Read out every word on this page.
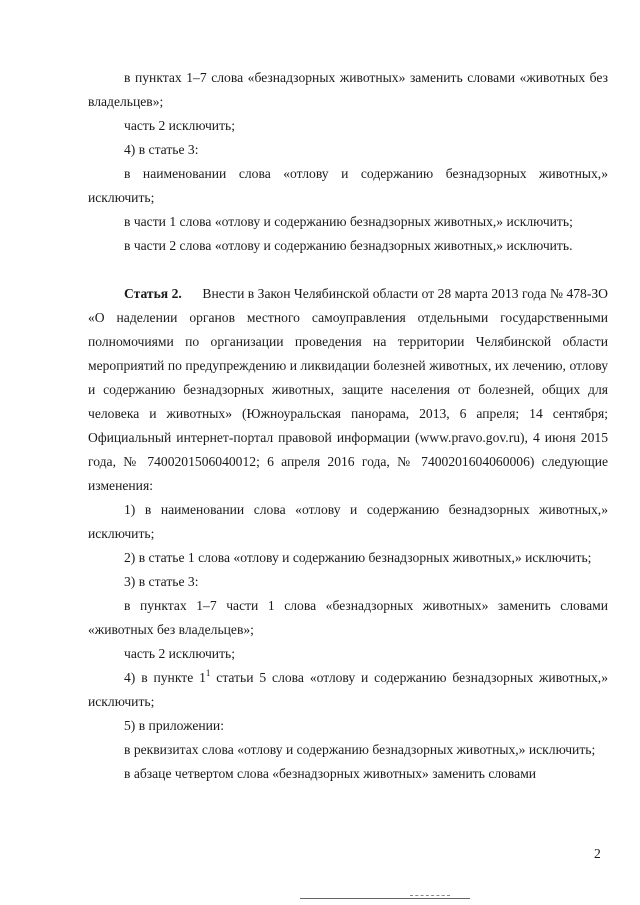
в пунктах 1–7 слова «безнадзорных животных» заменить словами «животных без владельцев»;

часть 2 исключить;

4) в статье 3:

в наименовании слова «отлову и содержанию безнадзорных животных,» исключить;

в части 1 слова «отлову и содержанию безнадзорных животных,» исключить;

в части 2 слова «отлову и содержанию безнадзорных животных,» исключить.

Статья 2. Внести в Закон Челябинской области от 28 марта 2013 года № 478-ЗО «О наделении органов местного самоуправления отдельными государственными полномочиями по организации проведения на территории Челябинской области мероприятий по предупреждению и ликвидации болезней животных, их лечению, отлову и содержанию безнадзорных животных, защите населения от болезней, общих для человека и животных» (Южноуральская панорама, 2013, 6 апреля; 14 сентября; Официальный интернет-портал правовой информации (www.pravo.gov.ru), 4 июня 2015 года, № 7400201506040012; 6 апреля 2016 года, № 7400201604060006) следующие изменения:

1) в наименовании слова «отлову и содержанию безнадзорных животных,» исключить;

2) в статье 1 слова «отлову и содержанию безнадзорных животных,» исключить;

3) в статье 3:

в пунктах 1–7 части 1 слова «безнадзорных животных» заменить словами «животных без владельцев»;

часть 2 исключить;

4) в пункте $1^1$ статьи 5 слова «отлову и содержанию безнадзорных животных,» исключить;

5) в приложении:

в реквизитах слова «отлову и содержанию безнадзорных животных,» исключить;

в абзаце четвертом слова «безнадзорных животных» заменить словами

2
